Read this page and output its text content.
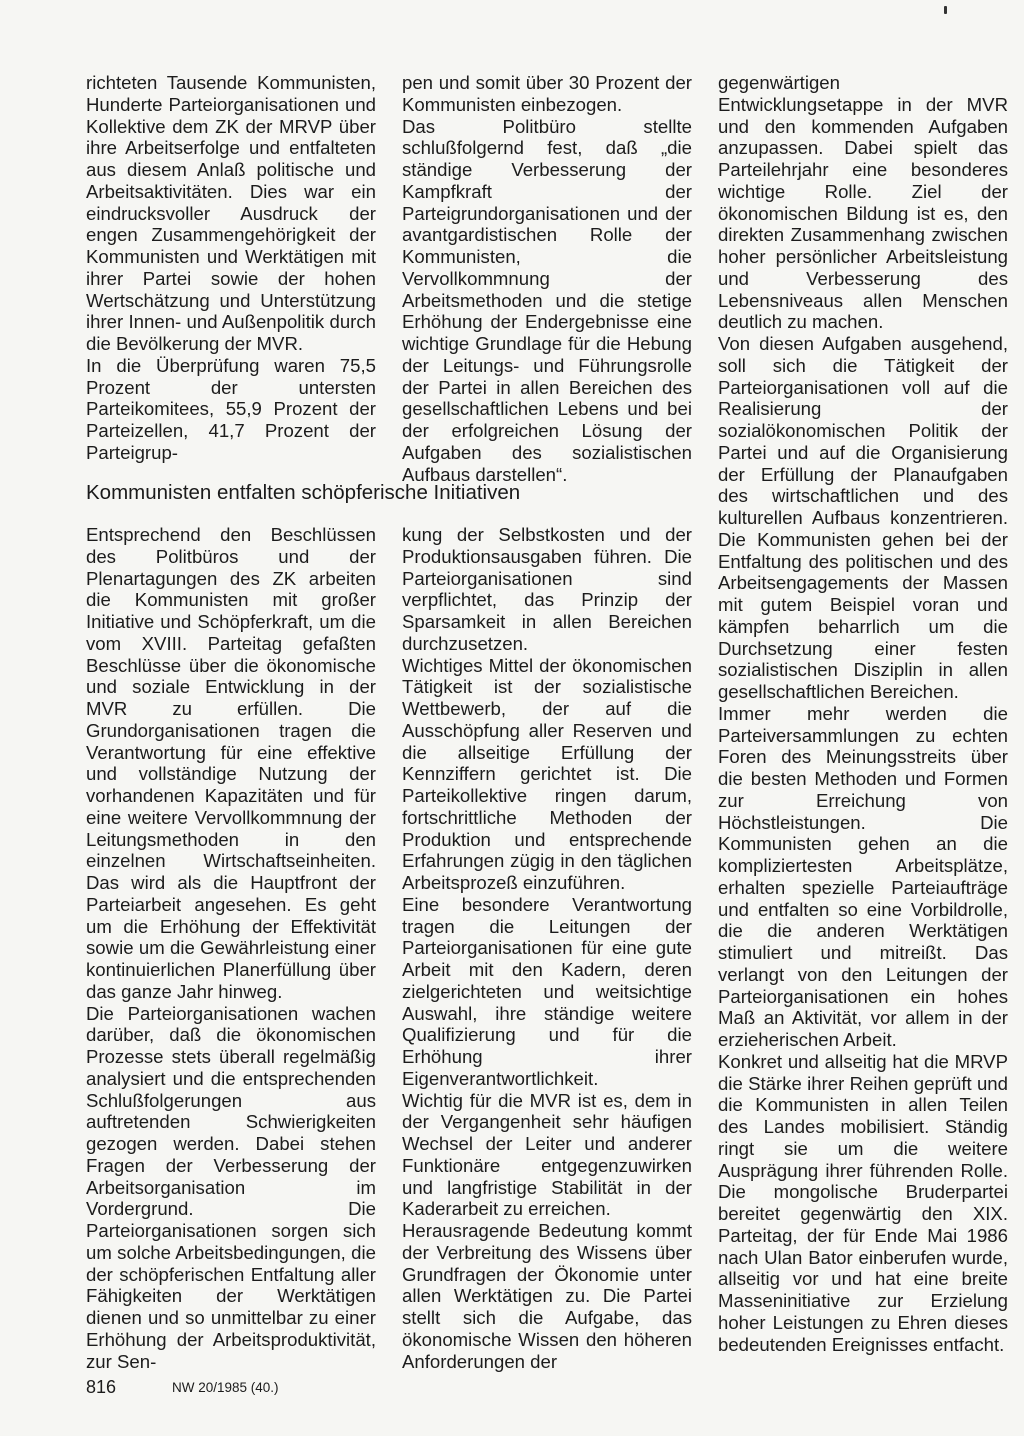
richteten Tausende Kommunisten, Hunderte Parteiorganisationen und Kollektive dem ZK der MRVP über ihre Arbeitserfolge und entfalteten aus diesem Anlaß politische und Arbeitsaktivitäten. Dies war ein eindrucksvoller Ausdruck der engen Zusammengehörigkeit der Kommunisten und Werktätigen mit ihrer Partei sowie der hohen Wertschätzung und Unterstützung ihrer Innen- und Außenpolitik durch die Bevölkerung der MVR.

In die Überprüfung waren 75,5 Prozent der untersten Parteikomitees, 55,9 Prozent der Parteizellen, 41,7 Prozent der Parteigrup-

pen und somit über 30 Prozent der Kommunisten einbezogen.

Das Politbüro stellte schlußfolgernd fest, daß „die ständige Verbesserung der Kampfkraft der Parteigrundorganisationen und der avantgardistischen Rolle der Kommunisten, die Vervollkommnung der Arbeitsmethoden und die stetige Erhöhung der Endergebnisse eine wichtige Grundlage für die Hebung der Leitungs- und Führungsrolle der Partei in allen Bereichen des gesellschaftlichen Lebens und bei der erfolgreichen Lösung der Aufgaben des sozialistischen Aufbaus darstellen“.

gegenwärtigen Entwicklungsetappe in der MVR und den kommenden Aufgaben anzupassen. Dabei spielt das Parteilehrjahr eine besonderes wichtige Rolle. Ziel der ökonomischen Bildung ist es, den direkten Zusammenhang zwischen hoher persönlicher Arbeitsleistung und Verbesserung des Lebensniveaus allen Menschen deutlich zu machen.

Von diesen Aufgaben ausgehend, soll sich die Tätigkeit der Parteiorganisationen voll auf die Realisierung der sozialökonomischen Politik der Partei und auf die Organisierung der Erfüllung der Planaufgaben des wirtschaftlichen und des kulturellen Aufbaus konzentrieren. Die Kommunisten gehen bei der Entfaltung des politischen und des Arbeitsengagements der Massen mit gutem Beispiel voran und kämpfen beharrlich um die Durchsetzung einer festen sozialistischen Disziplin in allen gesellschaftlichen Bereichen.

Immer mehr werden die Parteiversammlungen zu echten Foren des Meinungsstreits über die besten Methoden und Formen zur Erreichung von Höchstleistungen. Die Kommunisten gehen an die kompliziertesten Arbeitsplätze, erhalten spezielle Parteiaufträge und entfalten so eine Vorbildrolle, die die anderen Werktätigen stimuliert und mitreißt. Das verlangt von den Leitungen der Parteiorganisationen ein hohes Maß an Aktivität, vor allem in der erzieherischen Arbeit.

Konkret und allseitig hat die MRVP die Stärke ihrer Reihen geprüft und die Kommunisten in allen Teilen des Landes mobilisiert. Ständig ringt sie um die weitere Ausprägung ihrer führenden Rolle. Die mongolische Bruderpartei bereitet gegenwärtig den XIX. Parteitag, der für Ende Mai 1986 nach Ulan Bator einberufen wurde, allseitig vor und hat eine breite Masseninitiative zur Erzielung hoher Leistungen zu Ehren dieses bedeutenden Ereignisses entfacht.

Kommunisten entfalten schöpferische Initiativen

Entsprechend den Beschlüssen des Politbüros und der Plenartagungen des ZK arbeiten die Kommunisten mit großer Initiative und Schöpferkraft, um die vom XVIII. Parteitag gefaßten Beschlüsse über die ökonomische und soziale Entwicklung in der MVR zu erfüllen. Die Grundorganisationen tragen die Verantwortung für eine effektive und vollständige Nutzung der vorhandenen Kapazitäten und für eine weitere Vervollkommnung der Leitungsmethoden in den einzelnen Wirtschaftseinheiten. Das wird als die Hauptfront der Parteiarbeit angesehen. Es geht um die Erhöhung der Effektivität sowie um die Gewährleistung einer kontinuierlichen Planerfüllung über das ganze Jahr hinweg.

Die Parteiorganisationen wachen darüber, daß die ökonomischen Prozesse stets überall regelmäßig analysiert und die entsprechenden Schlußfolgerungen aus auftretenden Schwierigkeiten gezogen werden. Dabei stehen Fragen der Verbesserung der Arbeitsorganisation im Vordergrund. Die Parteiorganisationen sorgen sich um solche Arbeitsbedingungen, die der schöpferischen Entfaltung aller Fähigkeiten der Werktätigen dienen und so unmittelbar zu einer Erhöhung der Arbeitsproduktivität, zur Sen-

kung der Selbstkosten und der Produktionsausgaben führen. Die Parteiorganisationen sind verpflichtet, das Prinzip der Sparsamkeit in allen Bereichen durchzusetzen.

Wichtiges Mittel der ökonomischen Tätigkeit ist der sozialistische Wettbewerb, der auf die Ausschöpfung aller Reserven und die allseitige Erfüllung der Kennziffern gerichtet ist. Die Parteikollektive ringen darum, fortschrittliche Methoden der Produktion und entsprechende Erfahrungen zügig in den täglichen Arbeitsprozeß einzuführen.

Eine besondere Verantwortung tragen die Leitungen der Parteiorganisationen für eine gute Arbeit mit den Kadern, deren zielgerichteten und weitsichtige Auswahl, ihre ständige weitere Qualifizierung und für die Erhöhung ihrer Eigenverantwortlichkeit.

Wichtig für die MVR ist es, dem in der Vergangenheit sehr häufigen Wechsel der Leiter und anderer Funktionäre entgegenzuwirken und langfristige Stabilität in der Kaderarbeit zu erreichen.

Herausragende Bedeutung kommt der Verbreitung des Wissens über Grundfragen der Ökonomie unter allen Werktätigen zu. Die Partei stellt sich die Aufgabe, das ökonomische Wissen den höheren Anforderungen der

816	NW 20/1985 (40.)
